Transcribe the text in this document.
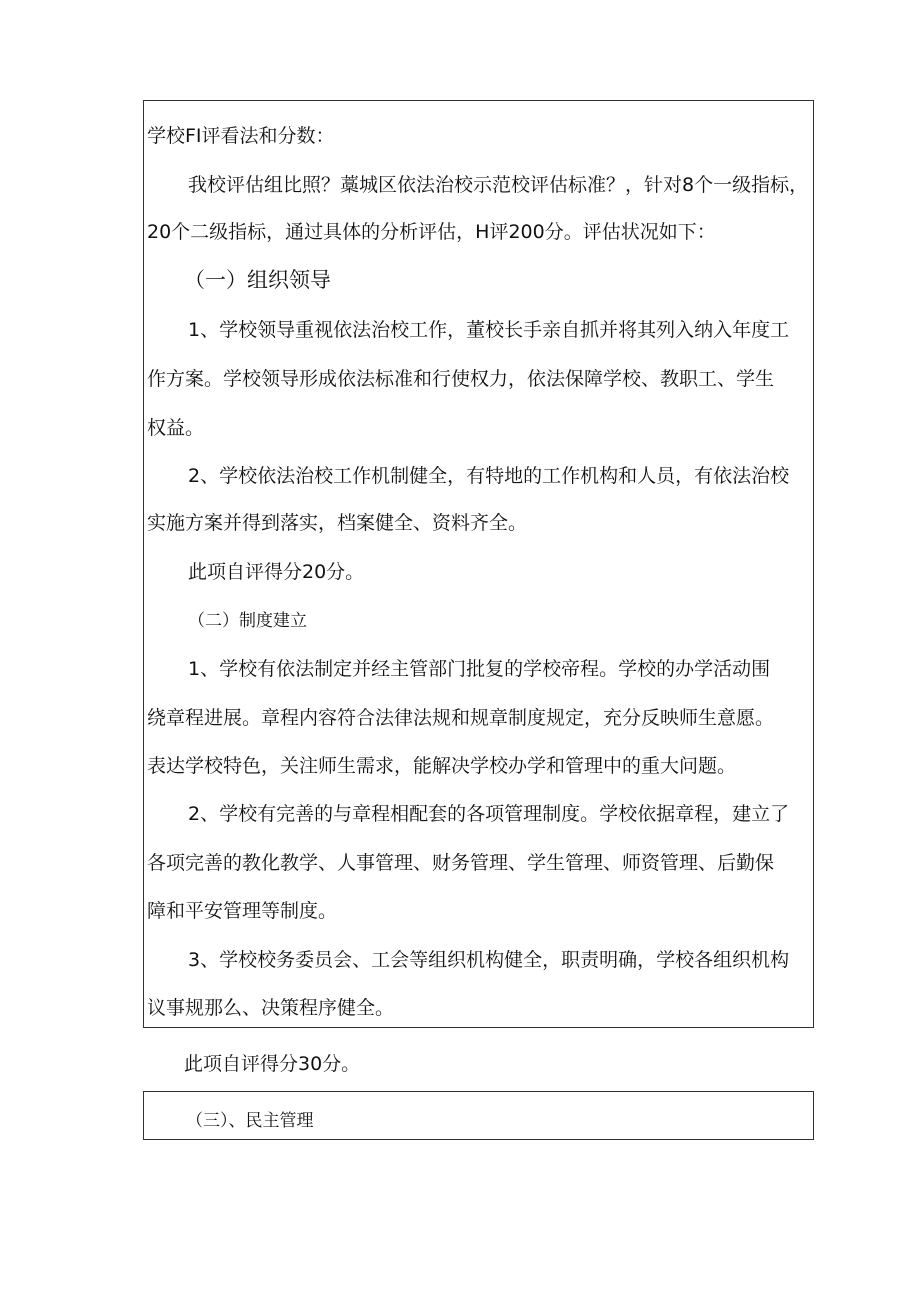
学校FI评看法和分数：
我校评估组比照？藁城区依法治校示范校评估标准？，针对8个一级指标，
20个二级指标，通过具体的分析评估，H评200分。评估状况如下：
（一）组织领导
1、学校领导重视依法治校工作，董校长手亲自抓并将其列入纳入年度工
作方案。学校领导形成依法标准和行使权力，依法保障学校、教职工、学生
权益。
2、学校依法治校工作机制健全，有特地的工作机构和人员，有依法治校
实施方案并得到落实，档案健全、资料齐全。
此项自评得分20分。
（二）制度建立
1、学校有依法制定并经主管部门批复的学校帝程。学校的办学活动围
绕章程进展。章程内容符合法律法规和规章制度规定，充分反映师生意愿。
表达学校特色，关注师生需求，能解决学校办学和管理中的重大问题。
2、学校有完善的与章程相配套的各项管理制度。学校依据章程，建立了
各项完善的教化教学、人事管理、财务管理、学生管理、师资管理、后勤保
障和平安管理等制度。
3、学校校务委员会、工会等组织机构健全，职责明确，学校各组织机构
议事规那么、决策程序健全。
此项自评得分30分。
（三）、民主管理
